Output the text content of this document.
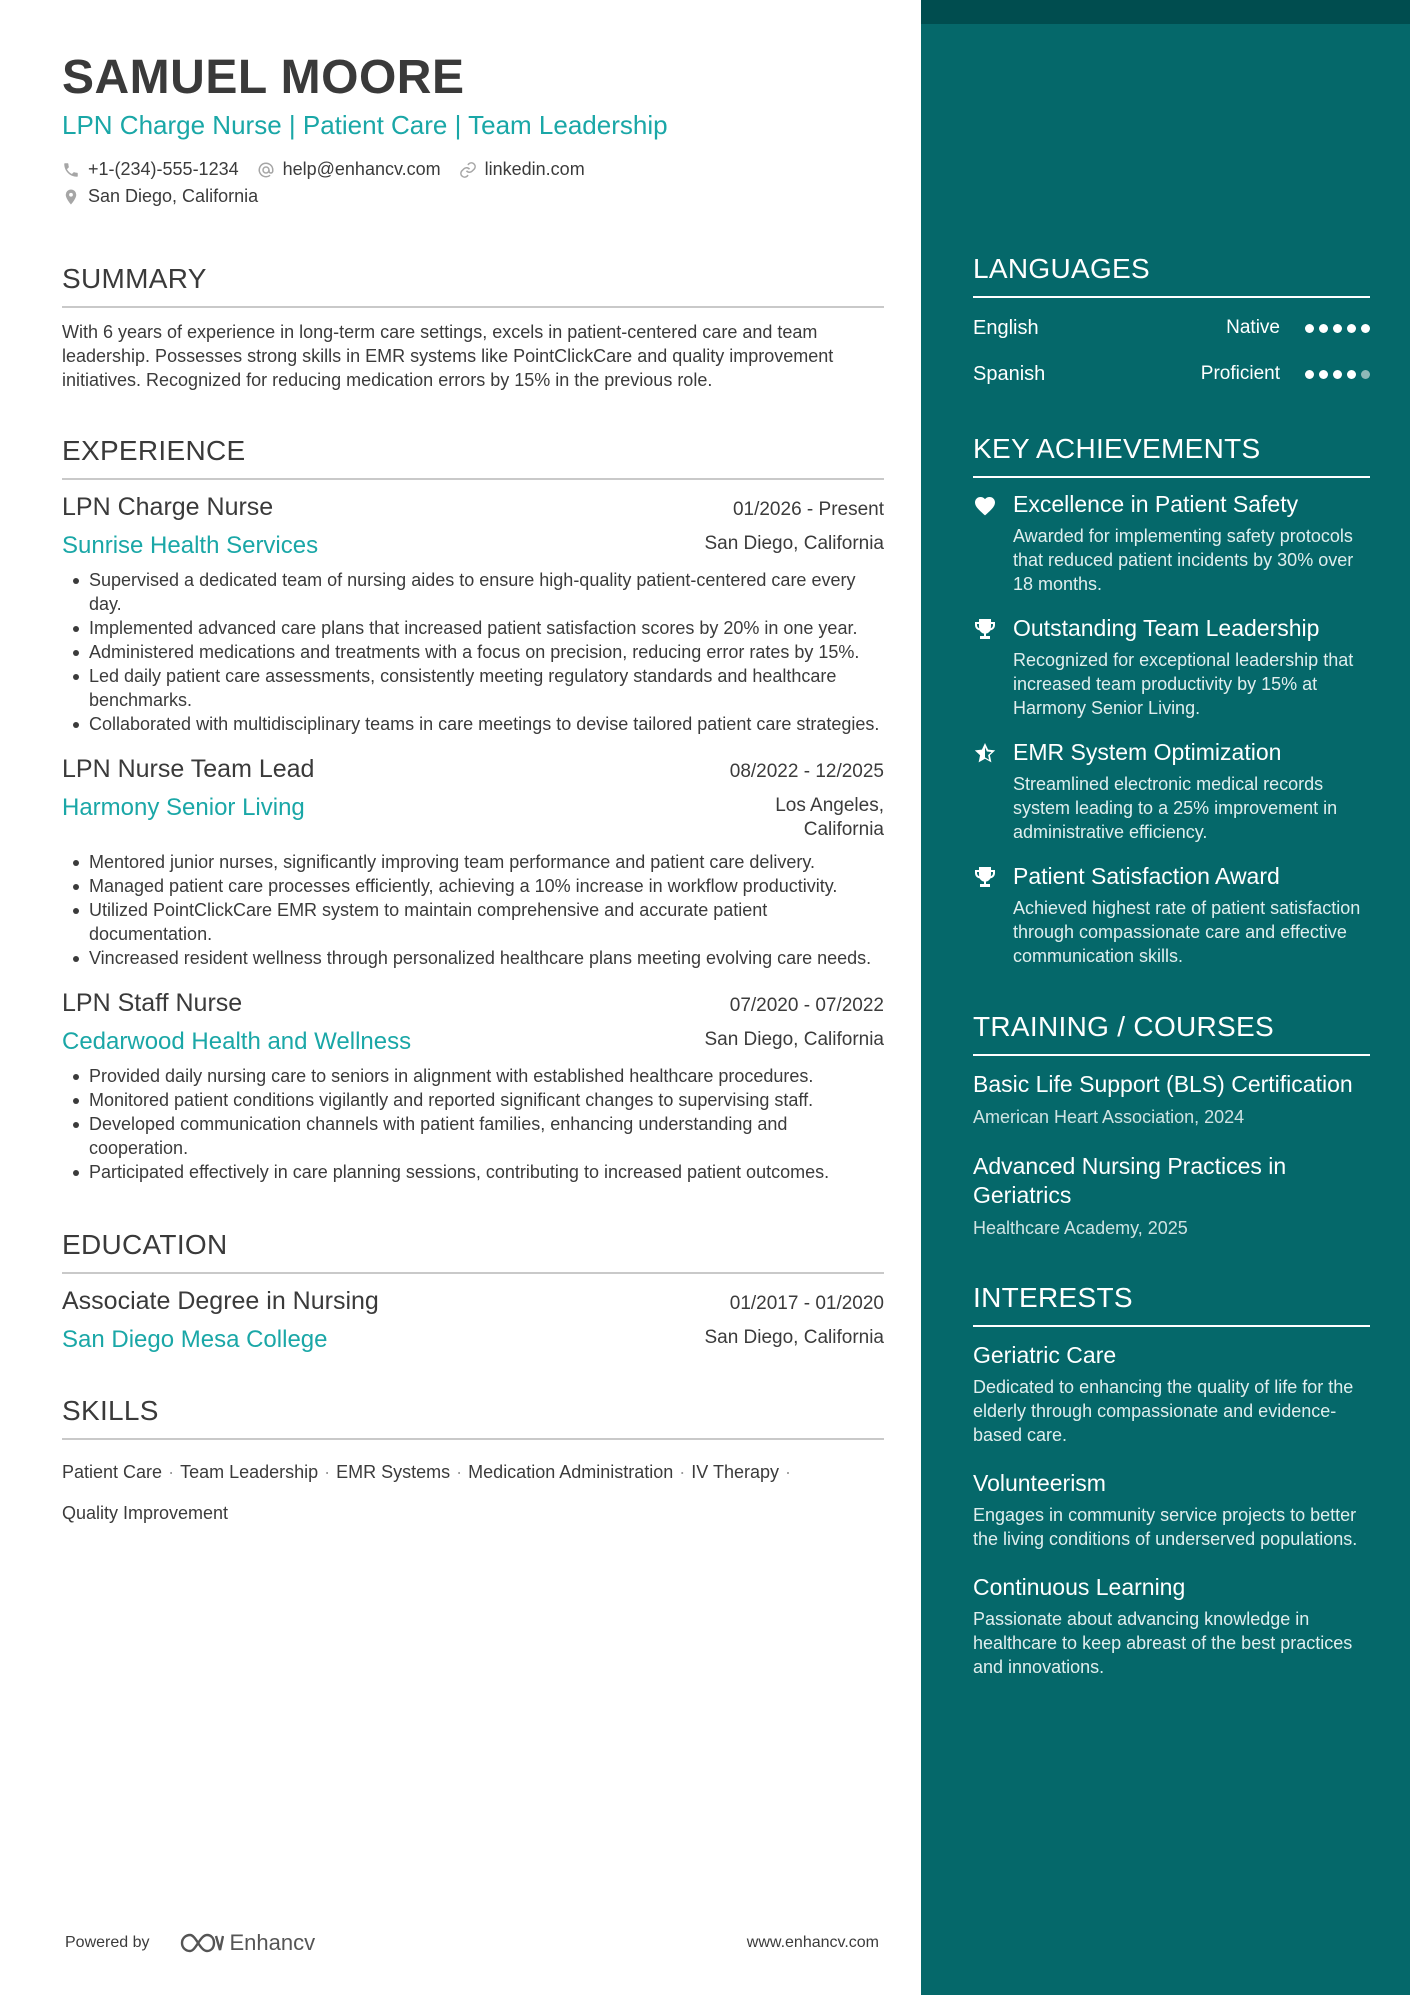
SAMUEL MOORE
LPN Charge Nurse | Patient Care | Team Leadership
+1-(234)-555-1234 help@enhancv.com linkedin.com
San Diego, California
SUMMARY
With 6 years of experience in long-term care settings, excels in patient-centered care and team leadership. Possesses strong skills in EMR systems like PointClickCare and quality improvement initiatives. Recognized for reducing medication errors by 15% in the previous role.
EXPERIENCE
LPN Charge Nurse	01/2026 - Present
Sunrise Health Services	San Diego, California
Supervised a dedicated team of nursing aides to ensure high-quality patient-centered care every day.
Implemented advanced care plans that increased patient satisfaction scores by 20% in one year.
Administered medications and treatments with a focus on precision, reducing error rates by 15%.
Led daily patient care assessments, consistently meeting regulatory standards and healthcare benchmarks.
Collaborated with multidisciplinary teams in care meetings to devise tailored patient care strategies.
LPN Nurse Team Lead	08/2022 - 12/2025
Harmony Senior Living	Los Angeles, California
Mentored junior nurses, significantly improving team performance and patient care delivery.
Managed patient care processes efficiently, achieving a 10% increase in workflow productivity.
Utilized PointClickCare EMR system to maintain comprehensive and accurate patient documentation.
Vincreased resident wellness through personalized healthcare plans meeting evolving care needs.
LPN Staff Nurse	07/2020 - 07/2022
Cedarwood Health and Wellness	San Diego, California
Provided daily nursing care to seniors in alignment with established healthcare procedures.
Monitored patient conditions vigilantly and reported significant changes to supervising staff.
Developed communication channels with patient families, enhancing understanding and cooperation.
Participated effectively in care planning sessions, contributing to increased patient outcomes.
EDUCATION
Associate Degree in Nursing	01/2017 - 01/2020
San Diego Mesa College	San Diego, California
SKILLS
Patient Care · Team Leadership · EMR Systems · Medication Administration · IV Therapy ·
Quality Improvement
Powered by	Enhancv	www.enhancv.com
LANGUAGES
English	Native
Spanish	Proficient
KEY ACHIEVEMENTS
Excellence in Patient Safety
Awarded for implementing safety protocols that reduced patient incidents by 30% over 18 months.
Outstanding Team Leadership
Recognized for exceptional leadership that increased team productivity by 15% at Harmony Senior Living.
EMR System Optimization
Streamlined electronic medical records system leading to a 25% improvement in administrative efficiency.
Patient Satisfaction Award
Achieved highest rate of patient satisfaction through compassionate care and effective communication skills.
TRAINING / COURSES
Basic Life Support (BLS) Certification
American Heart Association, 2024
Advanced Nursing Practices in Geriatrics
Healthcare Academy, 2025
INTERESTS
Geriatric Care
Dedicated to enhancing the quality of life for the elderly through compassionate and evidence-based care.
Volunteerism
Engages in community service projects to better the living conditions of underserved populations.
Continuous Learning
Passionate about advancing knowledge in healthcare to keep abreast of the best practices and innovations.
